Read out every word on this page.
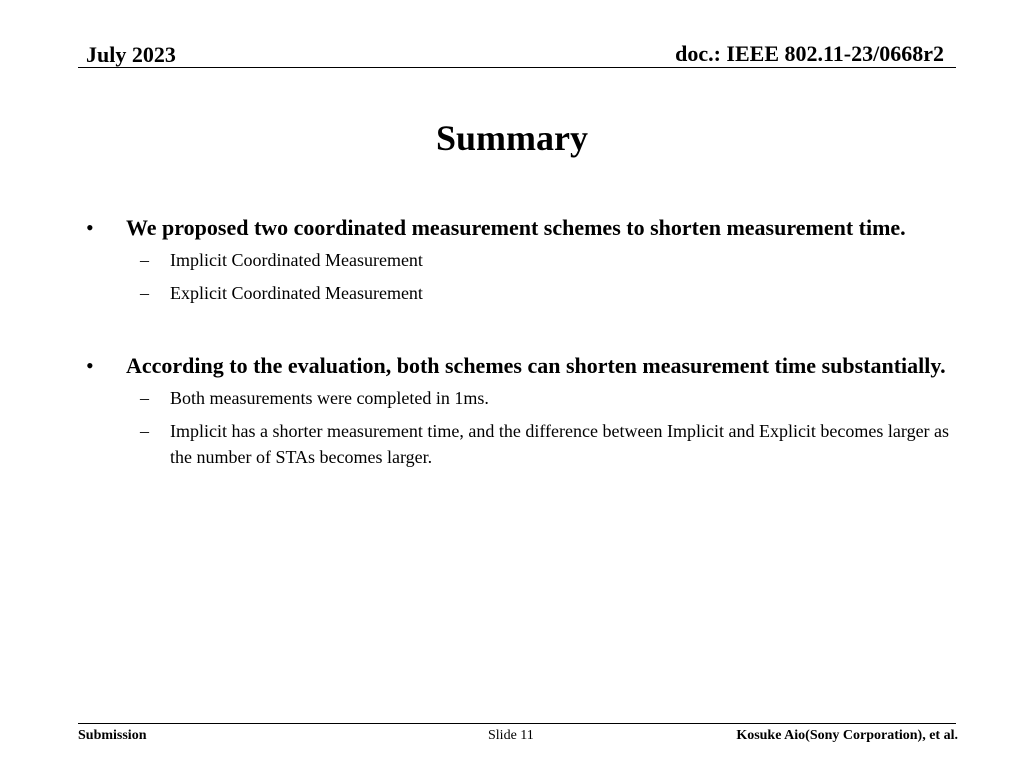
July 2023	doc.: IEEE 802.11-23/0668r2
Summary
• We proposed two coordinated measurement schemes to shorten measurement time.
– Implicit Coordinated Measurement
– Explicit Coordinated Measurement
• According to the evaluation, both schemes can shorten measurement time substantially.
– Both measurements were completed in 1ms.
– Implicit has a shorter measurement time, and the difference between Implicit and Explicit becomes larger as the number of STAs becomes larger.
Submission	Slide 11	Kosuke Aio(Sony Corporation), et al.
